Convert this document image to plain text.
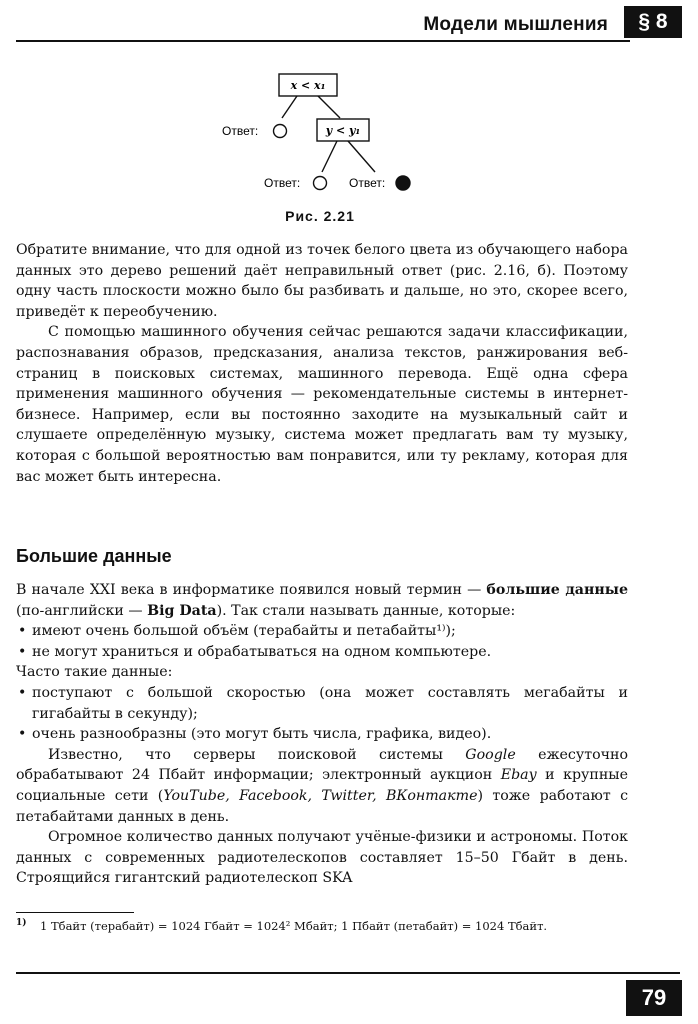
Модели мышления	§ 8
x < x₁
y < y₁
Ответ:
Ответ:	Ответ:
Рис. 2.21

Обратите внимание, что для одной из точек белого цвета из обучающего набора данных это дерево решений даёт неправильный ответ (рис. 2.16, б). Поэтому одну часть плоскости можно было бы разбивать и дальше, но это, скорее всего, приведёт к переобучению.

С помощью машинного обучения сейчас решаются задачи классификации, распознавания образов, предсказания, анализа текстов, ранжирования веб-страниц в поисковых системах, машинного перевода. Ещё одна сфера применения машинного обучения — рекомендательные системы в интернет-бизнесе. Например, если вы постоянно заходите на музыкальный сайт и слушаете определённую музыку, система может предлагать вам ту музыку, которая с большой вероятностью вам понравится, или ту рекламу, которая для вас может быть интересна.

Большие данные

В начале XXI века в информатике появился новый термин — большие данные (по-английски — Big Data). Так стали называть данные, которые:

• имеют очень большой объём (терабайты и петабайты¹⁾);
• не могут храниться и обрабатываться на одном компьютере.

Часто такие данные:

• поступают с большой скоростью (она может составлять мегабайты и гигабайты в секунду);
• очень разнообразны (это могут быть числа, графика, видео).

Известно, что серверы поисковой системы Google ежесуточно обрабатывают 24 Пбайт информации; электронный аукцион Ebay и крупные социальные сети (YouTube, Facebook, Twitter, ВКонтакте) тоже работают с петабайтами данных в день.

Огромное количество данных получают учёные-физики и астрономы. Поток данных с современных радиотелескопов составляет 15–50 Гбайт в день. Строящийся гигантский радиотелескоп SKA

1)	1 Тбайт (терабайт) = 1024 Гбайт = 1024² Мбайт; 1 Пбайт (петабайт) = 1024 Тбайт.
79
